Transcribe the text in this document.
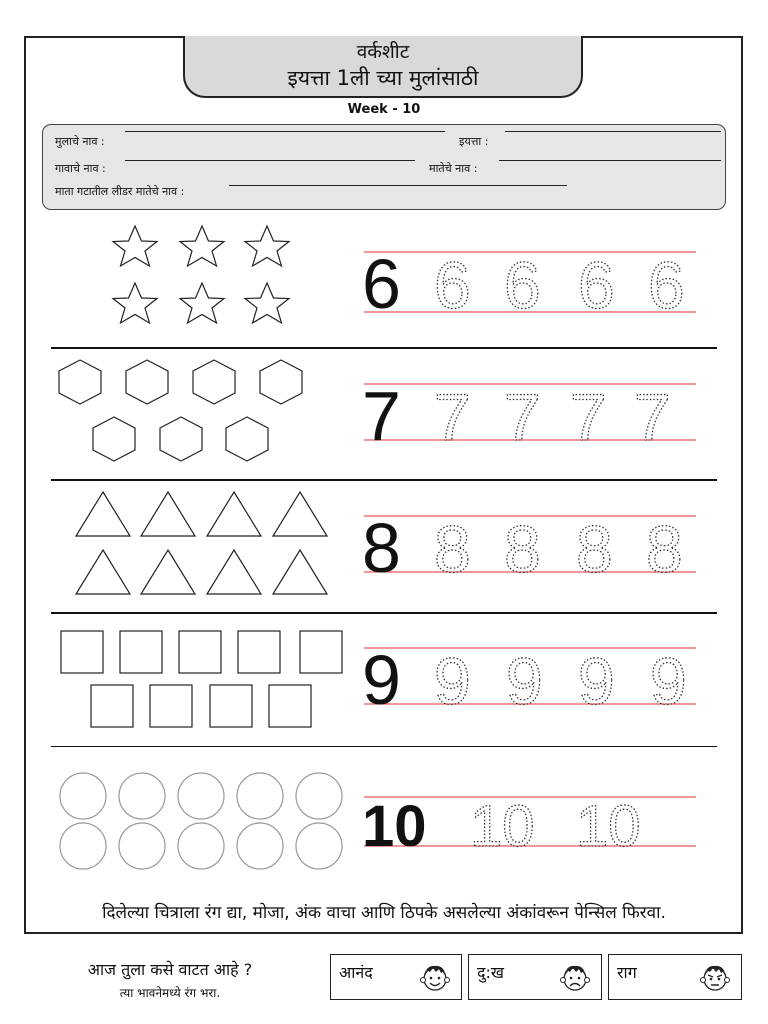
वर्कशीट
इयत्ता 1ली च्या मुलांसाठी
Week - 10
मुलाचे नाव :	इयत्ता :
गावाचे नाव :	मातेचे नाव :
माता गटातील लीडर मातेचे नाव :
6 6 6 6 6
7 7 7 7 7
8 8 8 8 8
9 9 9 9 9
10 10 10
दिलेल्या चित्राला रंग द्या, मोजा, अंक वाचा आणि ठिपके असलेल्या अंकांवरून पेन्सिल फिरवा.
आज तुला कसे वाटत आहे ?
त्या भावनेमध्ये रंग भरा.
आनंद	दु:ख	राग
